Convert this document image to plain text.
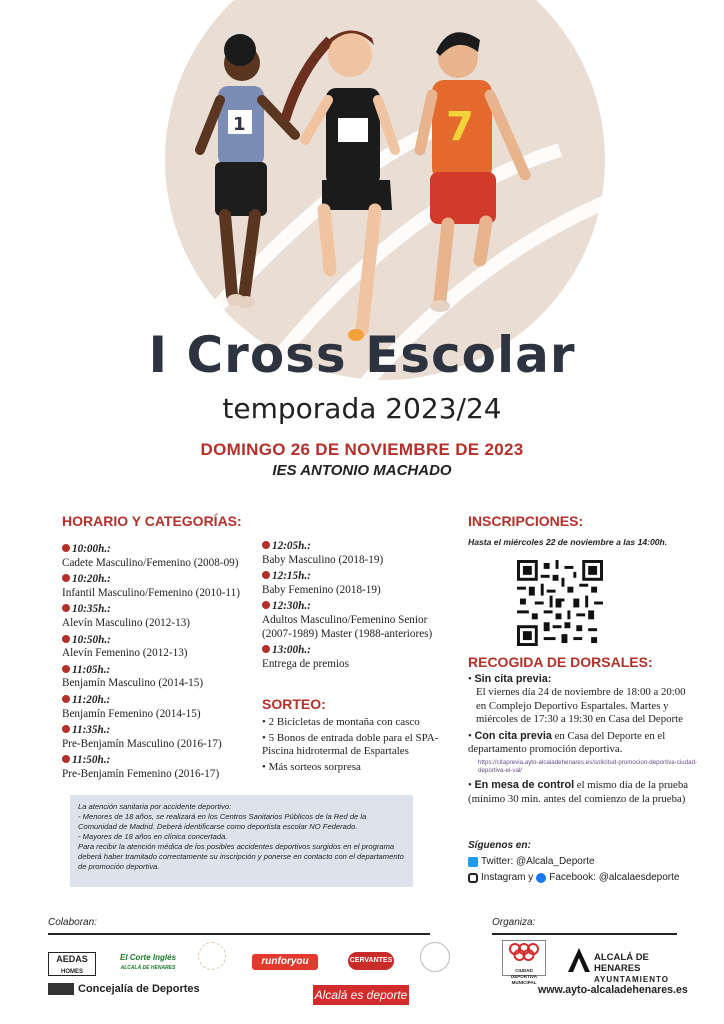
1	7
I Cross Escolar
temporada 2023/24
DOMINGO 26 DE NOVIEMBRE DE 2023
IES ANTONIO MACHADO
HORARIO Y CATEGORÍAS:
10:00h.:
Cadete Masculino/Femenino (2008-09)
10:20h.:
Infantil Masculino/Femenino (2010-11)
10:35h.:
Alevín Masculino (2012-13)
10:50h.:
Alevín Femenino (2012-13)
11:05h.:
Benjamín Masculino (2014-15)
11:20h.:
Benjamín Femenino (2014-15)
11:35h.:
Pre-Benjamín Masculino (2016-17)
11:50h.:
Pre-Benjamín Femenino (2016-17)
12:05h.:
Baby Masculino (2018-19)
12:15h.:
Baby Femenino (2018-19)
12:30h.:
Adultos Masculino/Femenino Senior (2007-1989) Master (1988-anteriores)
13:00h.:
Entrega de premios
SORTEO:
• 2 Bicicletas de montaña con casco
• 5 Bonos de entrada doble para el SPA-Piscina hidrotermal de Espartales
• Más sorteos sorpresa
La atención sanitaria por accidente deportivo:
- Menores de 18 años, se realizará en los Centros Sanitarios Públicos de la Red de la Comunidad de Madrid. Deberá identificarse como deportista escolar NO Federado.
- Mayores de 18 años en clínica concertada.
Para recibir la atención médica de los posibles accidentes deportivos surgidos en el programa deberá haber tramitado correctamente su inscripción y ponerse en contacto con el departamento de promoción deportiva.
INSCRIPCIONES:
Hasta el miércoles 22 de noviembre a las 14:00h.
RECOGIDA DE DORSALES:
• Sin cita previa:

El viernes día 24 de noviembre de 18:00 a 20:00 en Complejo Deportivo Espartales. Martes y miércoles de 17:30 a 19:30 en Casa del Deporte
• Con cita previa en Casa del Deporte en el departamento promoción deportiva.
https://citaprevia.ayto-alcaladehenares.es/solicitud-promocion-deportiva-ciudad-deportiva-el-val/
• En mesa de control el mismo día de la prueba (mínimo 30 min. antes del comienzo de la prueba)
Síguenos en:
Twitter: @Alcala_Deporte
Instagram y Facebook: @alcalaesdeporte
Colaboran:	Organiza:
AEDAS
HOMES
El Corte Inglés
ALCALÁ DE HENARES
runforyou	CERVANTES
CIUDAD DEPORTIVA MUNICIPAL
ALCALÁ DE HENARES
AYUNTAMIENTO
Concejalía de Deportes	Alcalá es deporte	www.ayto-alcaladehenares.es
